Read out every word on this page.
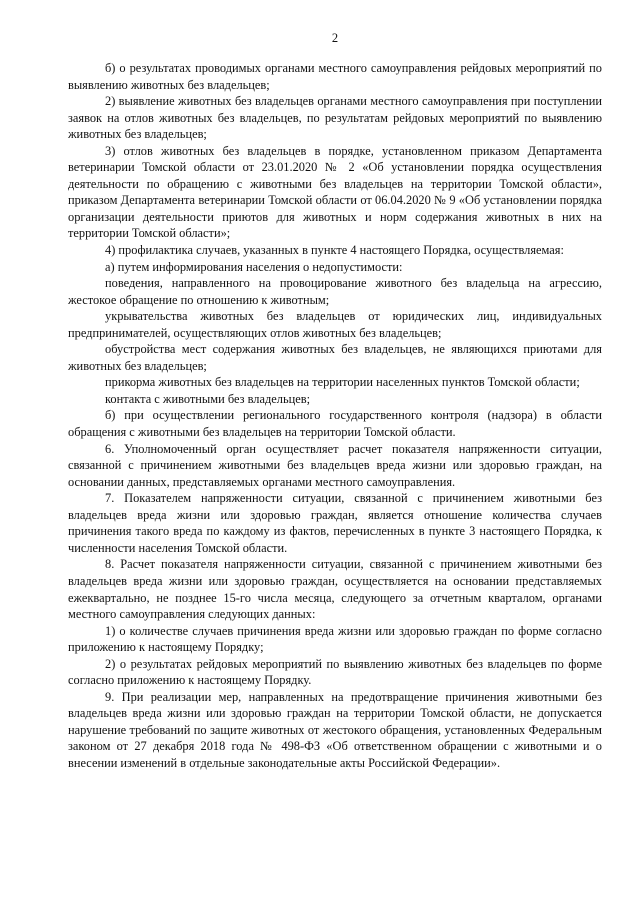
2

б) о результатах проводимых органами местного самоуправления рейдовых мероприятий по выявлению животных без владельцев;

2) выявление животных без владельцев органами местного самоуправления при поступлении заявок на отлов животных без владельцев, по результатам рейдовых мероприятий по выявлению животных без владельцев;

3) отлов животных без владельцев в порядке, установленном приказом Департамента ветеринарии Томской области от 23.01.2020 № 2 «Об установлении порядка осуществления деятельности по обращению с животными без владельцев на территории Томской области», приказом Департамента ветеринарии Томской области от 06.04.2020 № 9 «Об установлении порядка организации деятельности приютов для животных и норм содержания животных в них на территории Томской области»;

4) профилактика случаев, указанных в пункте 4 настоящего Порядка, осуществляемая:

а) путем информирования населения о недопустимости:

поведения, направленного на провоцирование животного без владельца на агрессию, жестокое обращение по отношению к животным;

укрывательства животных без владельцев от юридических лиц, индивидуальных предпринимателей, осуществляющих отлов животных без владельцев;

обустройства мест содержания животных без владельцев, не являющихся приютами для животных без владельцев;

прикорма животных без владельцев на территории населенных пунктов Томской области;

контакта с животными без владельцев;

б) при осуществлении регионального государственного контроля (надзора) в области обращения с животными без владельцев на территории Томской области.

6. Уполномоченный орган осуществляет расчет показателя напряженности ситуации, связанной с причинением животными без владельцев вреда жизни или здоровью граждан, на основании данных, представляемых органами местного самоуправления.

7. Показателем напряженности ситуации, связанной с причинением животными без владельцев вреда жизни или здоровью граждан, является отношение количества случаев причинения такого вреда по каждому из фактов, перечисленных в пункте 3 настоящего Порядка, к численности населения Томской области.

8. Расчет показателя напряженности ситуации, связанной с причинением животными без владельцев вреда жизни или здоровью граждан, осуществляется на основании представляемых ежеквартально, не позднее 15-го числа месяца, следующего за отчетным кварталом, органами местного самоуправления следующих данных:

1) о количестве случаев причинения вреда жизни или здоровью граждан по форме согласно приложению к настоящему Порядку;

2) о результатах рейдовых мероприятий по выявлению животных без владельцев по форме согласно приложению к настоящему Порядку.

9. При реализации мер, направленных на предотвращение причинения животными без владельцев вреда жизни или здоровью граждан на территории Томской области, не допускается нарушение требований по защите животных от жестокого обращения, установленных Федеральным законом от 27 декабря 2018 года № 498-ФЗ «Об ответственном обращении с животными и о внесении изменений в отдельные законодательные акты Российской Федерации».
